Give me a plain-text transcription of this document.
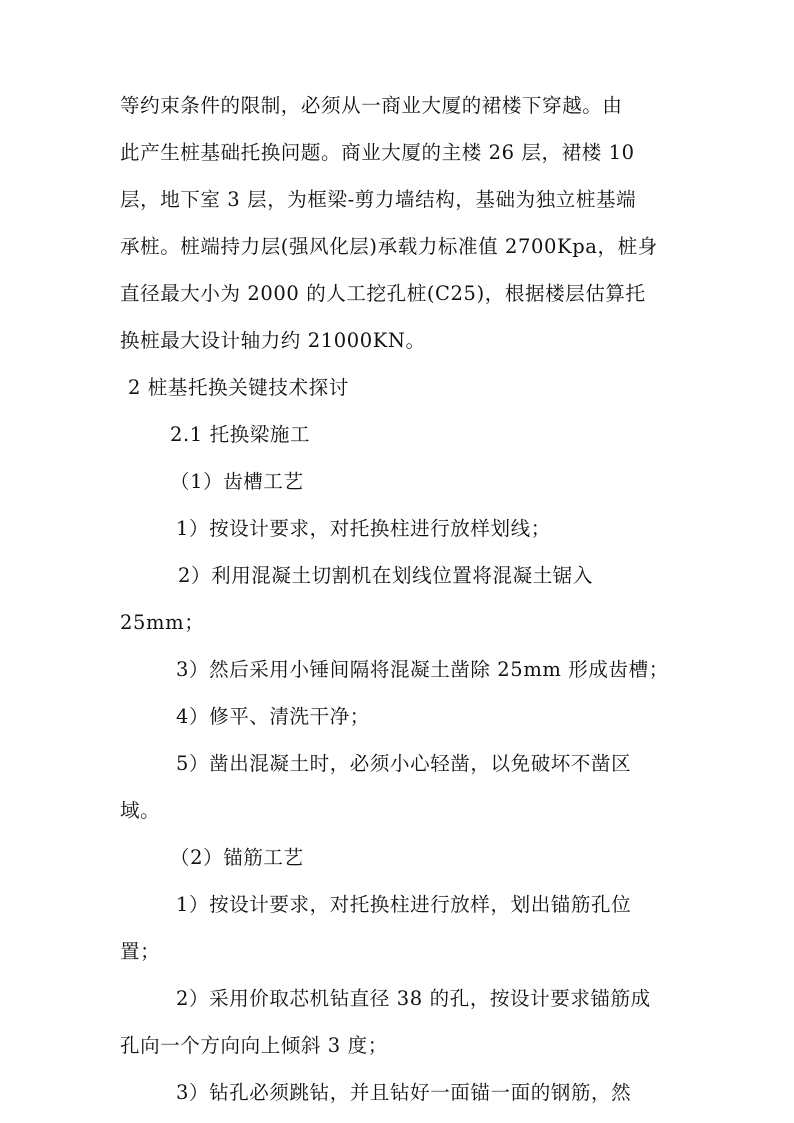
等约束条件的限制，必须从一商业大厦的裙楼下穿越。由
此产生桩基础托换问题。商业大厦的主楼 26 层，裙楼 10
层，地下室 3 层，为框梁-剪力墙结构，基础为独立桩基端
承桩。桩端持力层(强风化层)承载力标准值 2700Kpa，桩身
直径最大小为 2000 的人工挖孔桩(C25)，根据楼层估算托
换桩最大设计轴力约 21000KN。
2 桩基托换关键技术探讨
2.1 托换梁施工
（1）齿槽工艺
1）按设计要求，对托换柱进行放样划线；
2）利用混凝土切割机在划线位置将混凝土锯入
25mm；
3）然后采用小锤间隔将混凝土凿除 25mm 形成齿槽；
4）修平、清洗干净；
5）凿出混凝土时，必须小心轻凿，以免破坏不凿区
域。
（2）锚筋工艺
1）按设计要求，对托换柱进行放样，划出锚筋孔位
置；
2）采用价取芯机钻直径 38 的孔，按设计要求锚筋成
孔向一个方向向上倾斜 3 度；
3）钻孔必须跳钻，并且钻好一面锚一面的钢筋，然
